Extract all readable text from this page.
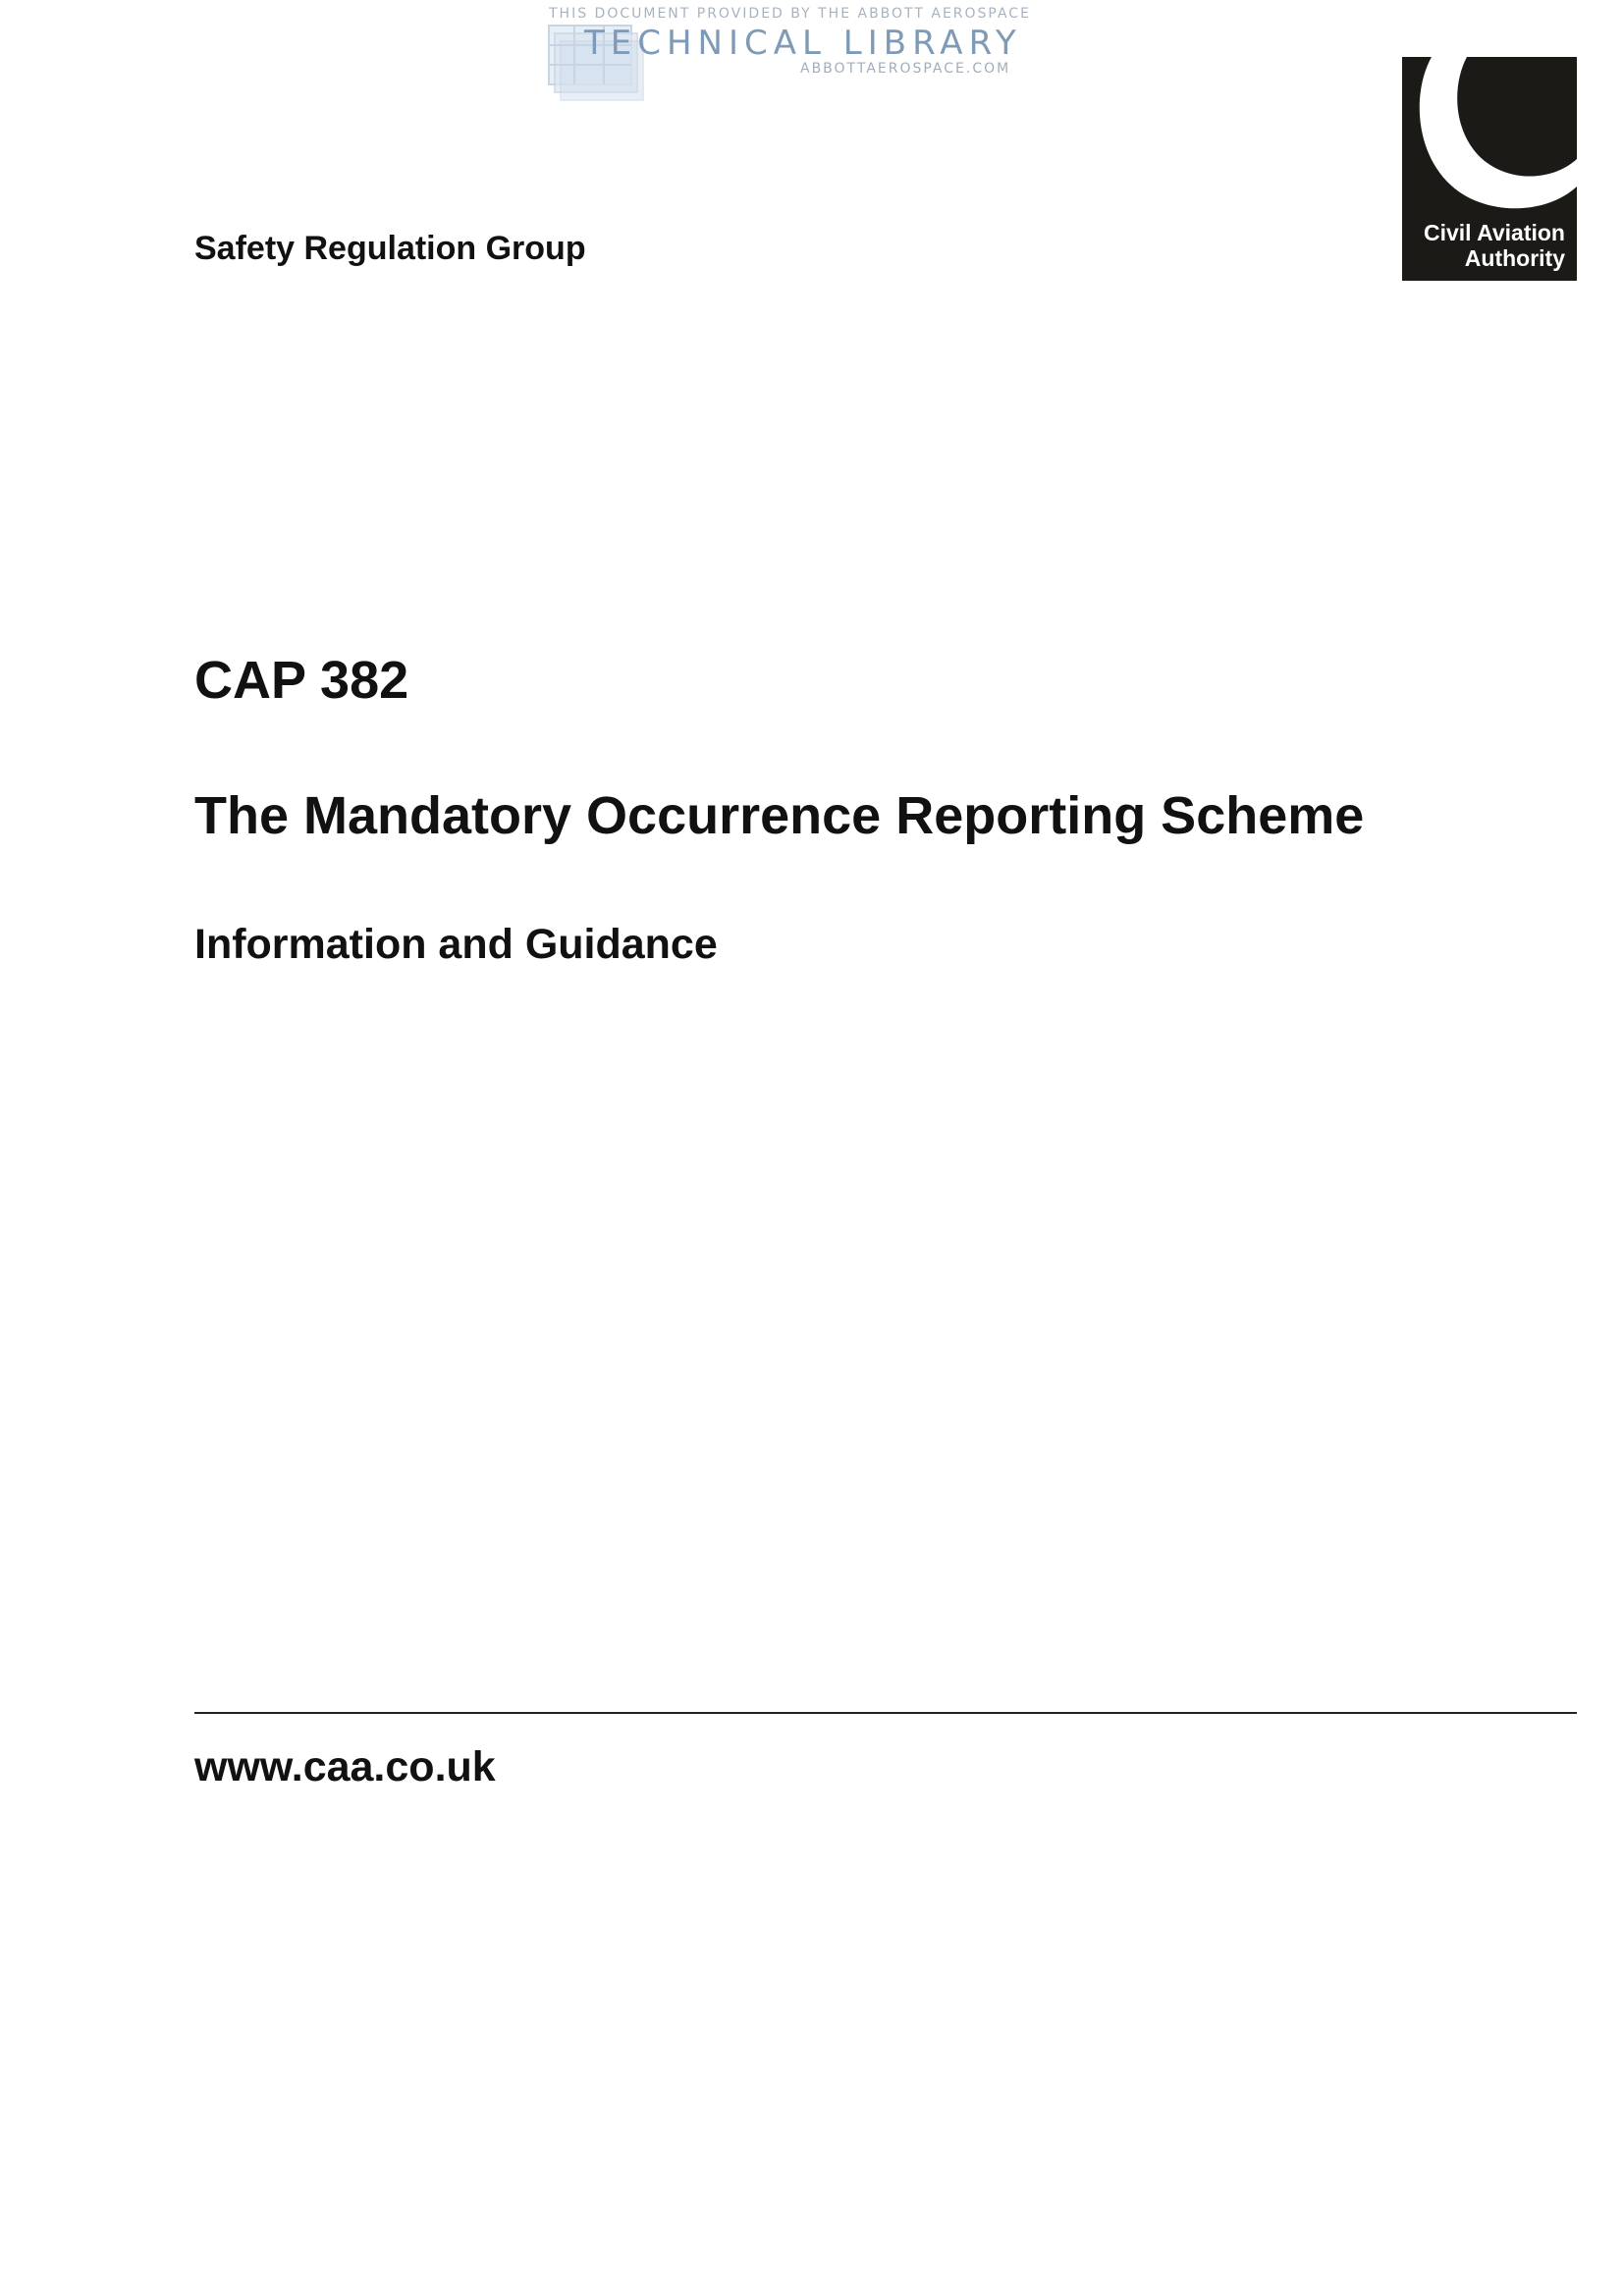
THIS DOCUMENT PROVIDED BY THE ABBOTT AEROSPACE
TECHNICAL LIBRARY
ABBOTTAEROSPACE.COM
Safety Regulation Group	Civil Aviation
Authority
CAP 382
The Mandatory Occurrence Reporting Scheme
Information and Guidance
www.caa.co.uk
